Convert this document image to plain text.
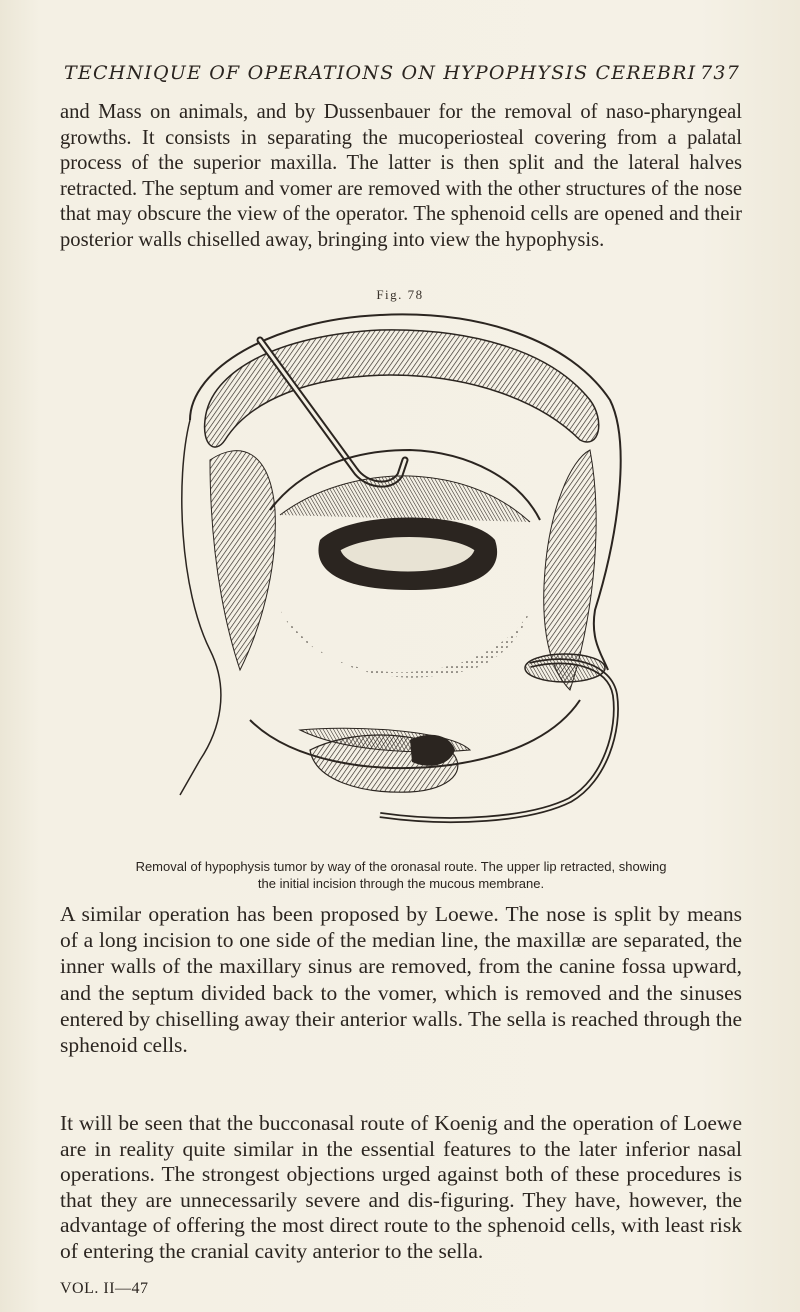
TECHNIQUE OF OPERATIONS ON HYPOPHYSIS CEREBRI 737

and Mass on animals, and by Dussenbauer for the removal of naso-pharyngeal growths. It consists in separating the mucoperiosteal covering from a palatal process of the superior maxilla. The latter is then split and the lateral halves retracted. The septum and vomer are removed with the other structures of the nose that may obscure the view of the operator. The sphenoid cells are opened and their posterior walls chiselled away, bringing into view the hypophysis.

Fig. 78
Removal of hypophysis tumor by way of the oronasal route. The upper lip retracted, showing
the initial incision through the mucous membrane.

A similar operation has been proposed by Loewe. The nose is split by means of a long incision to one side of the median line, the maxillæ are separated, the inner walls of the maxillary sinus are removed, from the canine fossa upward, and the septum divided back to the vomer, which is removed and the sinuses entered by chiselling away their anterior walls. The sella is reached through the sphenoid cells.

It will be seen that the bucconasal route of Koenig and the operation of Loewe are in reality quite similar in the essential features to the later inferior nasal operations. The strongest objections urged against both of these procedures is that they are unnecessarily severe and dis-figuring. They have, however, the advantage of offering the most direct route to the sphenoid cells, with least risk of entering the cranial cavity anterior to the sella.

VOL. II—47
